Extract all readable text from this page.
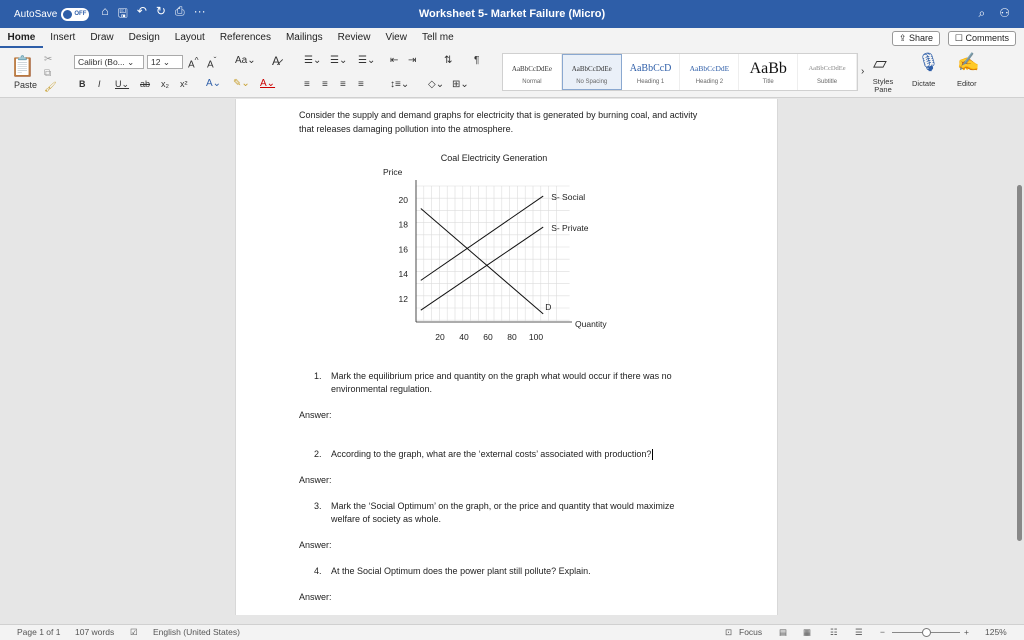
AutoSave	OFF ⌂ 🖫 ↶ ↻ ⎙ ···	Worksheet 5- Market Failure (Micro)	⌕ ⚇
Home	Insert	Draw	Design	Layout	References	Mailings	Review	View	Tell me	⇪ Share	☐ Comments
📋
Paste
✂
⧉
🖌
Calibri (Bo... ⌄	12 ⌄	A^ $A^ˇ$ Aa⌄ A̷
B I U⌄ ab x₂ x² A⌄ ✎⌄ A⌄
☰⌄ ☰⌄ ☰⌄ ⇤ ⇥	⇅ ¶
≡ ≡ ≡ ≡	↕≡⌄ ◇⌄ ⊞⌄
AaBbCcDdEe
Normal
AaBbCcDdEe
No Spacing
AaBbCcD
Heading 1
AaBbCcDdE
Heading 2
AaBb
Title
AaBbCcDdEe
Subtitle
› ▱
Styles Pane
🎙
Dictate
✍
Editor
Consider the supply and demand graphs for electricity that is generated by burning coal, and activity
that releases damaging pollution into the atmosphere.
Coal Electricity Generation
Price
Quantity
12
14
16
18
20
20 40 60 80 100
S- Social
S- Private
D
1. Mark the equilibrium price and quantity on the graph what would occur if there was no
environmental regulation.
Answer:
2. According to the graph, what are the ‘external costs’ associated with production?
Answer:
3. Mark the ‘Social Optimum’ on the graph, or the price and quantity that would maximize
welfare of society as whole.
Answer:
4. At the Social Optimum does the power plant still pollute? Explain.
Answer:
Page 1 of 1 107 words ☑ English (United States)	⊡ Focus ▤ ▦ ☷ ☰ −	+ 125%
